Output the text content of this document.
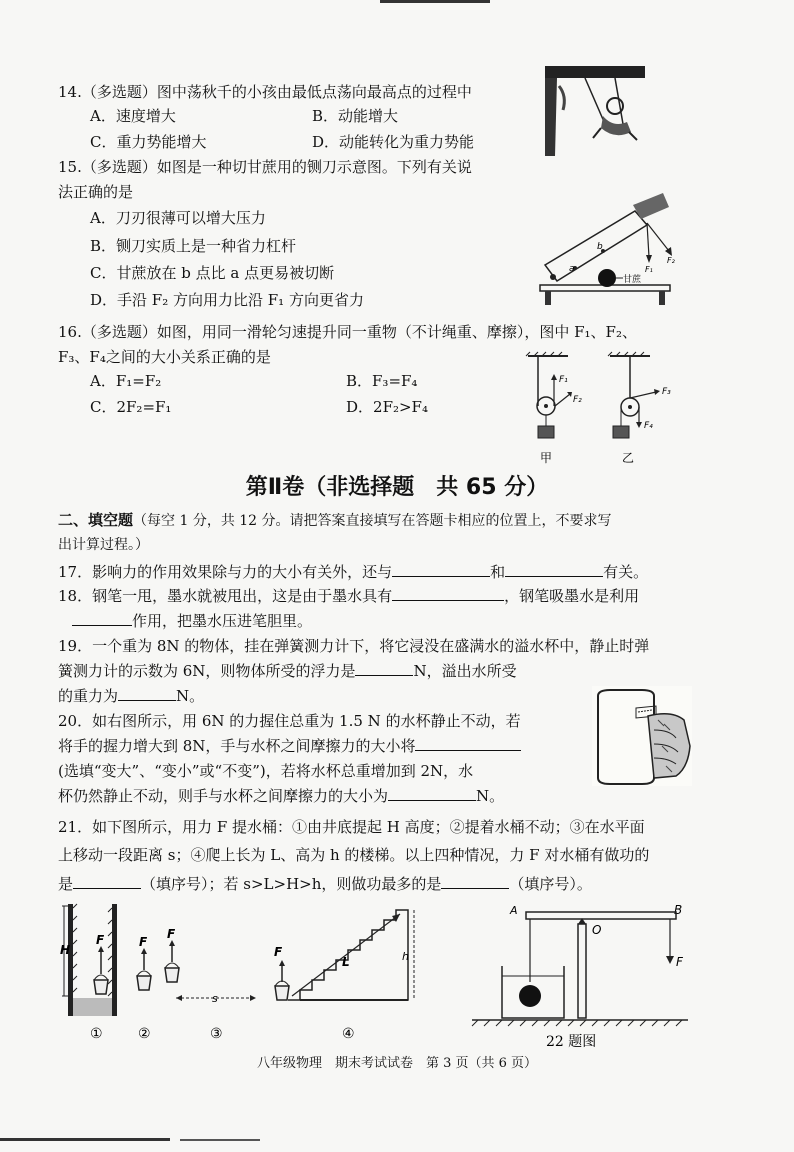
14.（多选题）图中荡秋千的小孩由最低点荡向最高点的过程中
A．速度增大	B．动能增大
C．重力势能增大	D．动能转化为重力势能
15.（多选题）如图是一种切甘蔗用的铡刀示意图。下列有关说
法正确的是
A．刀刃很薄可以增大压力
B．铡刀实质上是一种省力杠杆
C．甘蔗放在 b 点比 a 点更易被切断
D．手沿 F₂ 方向用力比沿 F₁ 方向更省力
a
b
F₁
F₂
甘蔗
16.（多选题）如图，用同一滑轮匀速提升同一重物（不计绳重、摩擦），图中 F₁、F₂、
F₃、F₄之间的大小关系正确的是
A．F₁=F₂	B．F₃=F₄
C．2F₂=F₁	D．2F₂>F₄
F₁
F₂
甲
F₃
F₄
乙
第Ⅱ卷（非选择题　共 65 分）
二、填空题（每空 1 分，共 12 分。请把答案直接填写在答题卡相应的位置上，不要求写
出计算过程。）
17．影响力的作用效果除与力的大小有关外，还与	和	有关。
18．钢笔一甩，墨水就被甩出，这是由于墨水具有	，钢笔吸墨水是利用
作用，把墨水压进笔胆里。
19．一个重为 8N 的物体，挂在弹簧测力计下，将它浸没在盛满水的溢水杯中，静止时弹
簧测力计的示数为 6N，则物体所受的浮力是	N，溢出水所受
的重力为	N。
20．如右图所示，用 6N 的力握住总重为 1.5 N 的水杯静止不动，若
将手的握力增大到 8N，手与水杯之间摩擦力的大小将
(选填“变大”、“变小”或“不变”)，若将水杯总重增加到 2N，水
杯仍然静止不动，则手与水杯之间摩擦力的大小为	N。
21．如下图所示，用力 F 提水桶：①由井底提起 H 高度；②提着水桶不动；③在水平面
上移动一段距离 s；④爬上长为 L、高为 h 的楼梯。以上四种情况，力 F 对水桶有做功的
是	（填序号）；若 s>L>H>h，则做功最多的是	（填序号）。
H
F	F
F
s
L	h
F
①	②	③	④
A	B
O
F
22 题图
八年级物理　期末考试试卷　第 3 页（共 6 页）
